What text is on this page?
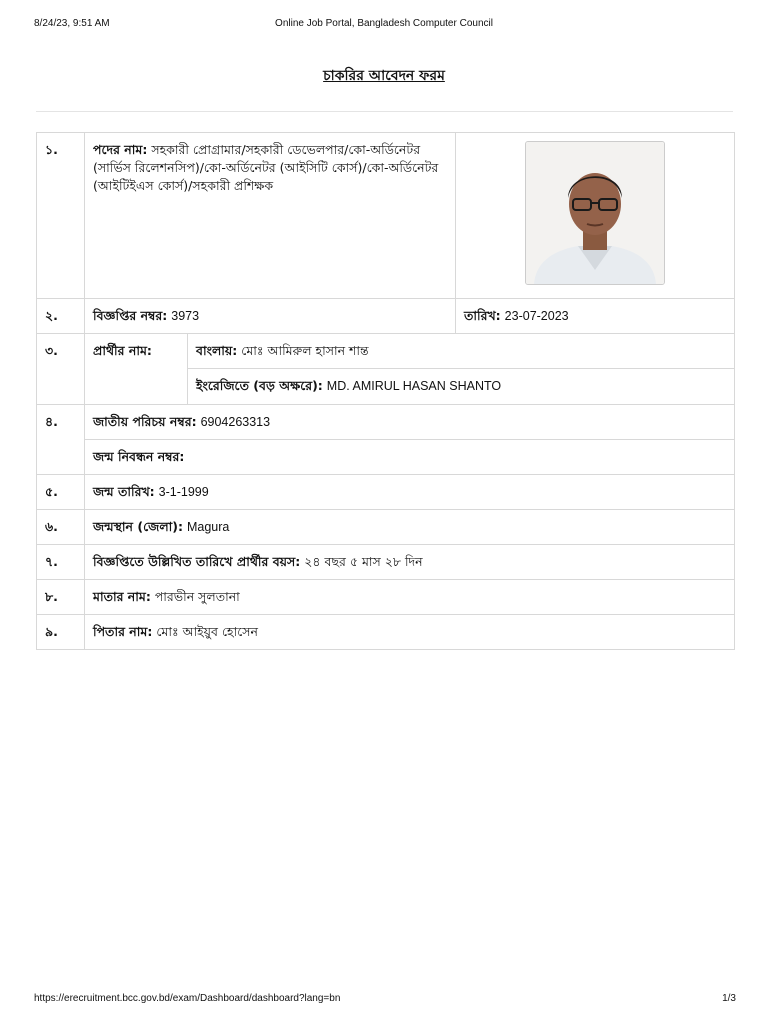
8/24/23, 9:51 AM	Online Job Portal, Bangladesh Computer Council
চাকরির আবেদন ফরম
১.	পদের নাম: সহকারী প্রোগ্রামার/সহকারী ডেভেলপার/কো-অর্ডিনেটর (সার্ভিস রিলেশনসিপ)/কো-অর্ডিনেটর (আইসিটি কোর্স)/কো-অর্ডিনেটর (আইটিইএস কোর্স)/সহকারী প্রশিক্ষক	
২.	বিজ্ঞপ্তির নম্বর: 3973		তারিখ: 23-07-2023
৩.	প্রার্থীর নাম:	বাংলায়: মোঃ আমিরুল হাসান শান্ত	
		ইংরেজিতে (বড় অক্ষরে): MD. AMIRUL HASAN SHANTO	
৪.	জাতীয় পরিচয় নম্বর: 6904263313		
	জন্ম নিবন্ধন নম্বর:		
৫.	জন্ম তারিখ: 3-1-1999		
৬.	জন্মস্থান (জেলা): Magura		
৭.	বিজ্ঞপ্তিতে উল্লিখিত তারিখে প্রার্থীর বয়স: ২৪ বছর ৫ মাস ২৮ দিন		
৮.	মাতার নাম: পারভীন সুলতানা		
৯.	পিতার নাম: মোঃ আইয়ুব হোসেন		
https://erecruitment.bcc.gov.bd/exam/Dashboard/dashboard?lang=bn	1/3
